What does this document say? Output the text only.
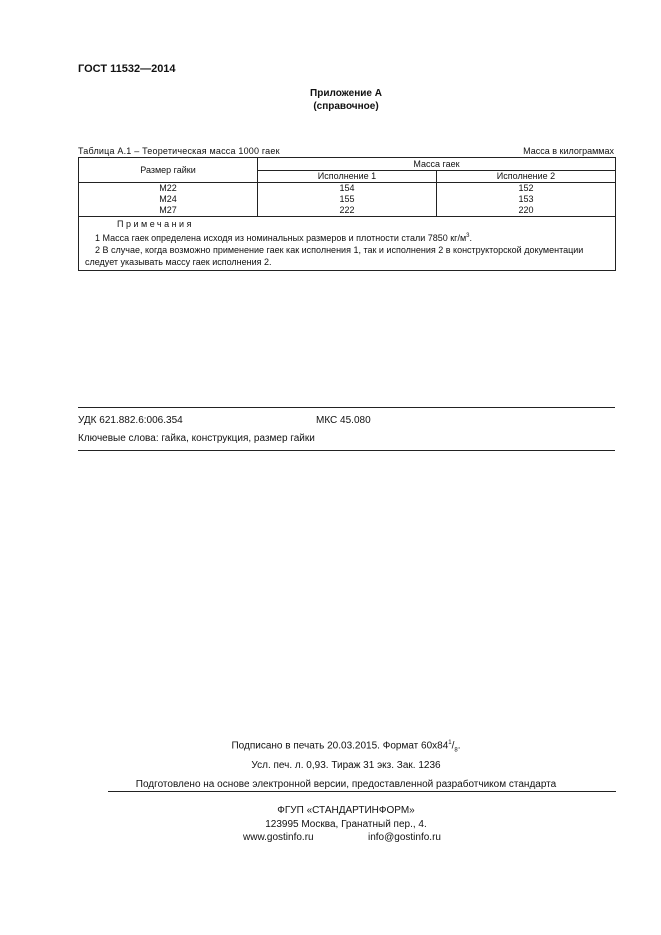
ГОСТ 11532—2014
Приложение А
(справочное)
Таблица А.1 – Теоретическая масса 1000 гаек	Масса в килограммах
Размер гайки	Масса гаек	
	Исполнение 1	Исполнение 2
M22	154	152
M24	155	153
M27	222	220

Примечания
1 Масса гаек определена исходя из номинальных размеров и плотности стали 7850 $кг/м^3$.
2 В случае, когда возможно применение гаек как исполнения 1, так и исполнения 2 в конструкторской документации следует указывать массу гаек исполнения 2.		
УДК 621.882.6:006.354	МКС 45.080
Ключевые слова: гайка, конструкция, размер гайки
Подписано в печать 20.03.2015. Формат $60х84^1/_8$.
Усл. печ. л. 0,93. Тираж 31 экз. Зак. 1236
Подготовлено на основе электронной версии, предоставленной разработчиком стандарта
ФГУП «СТАНДАРТИНФОРМ»
123995 Москва, Гранатный пер., 4.
www.gostinfo.ru	info@gostinfo.ru
